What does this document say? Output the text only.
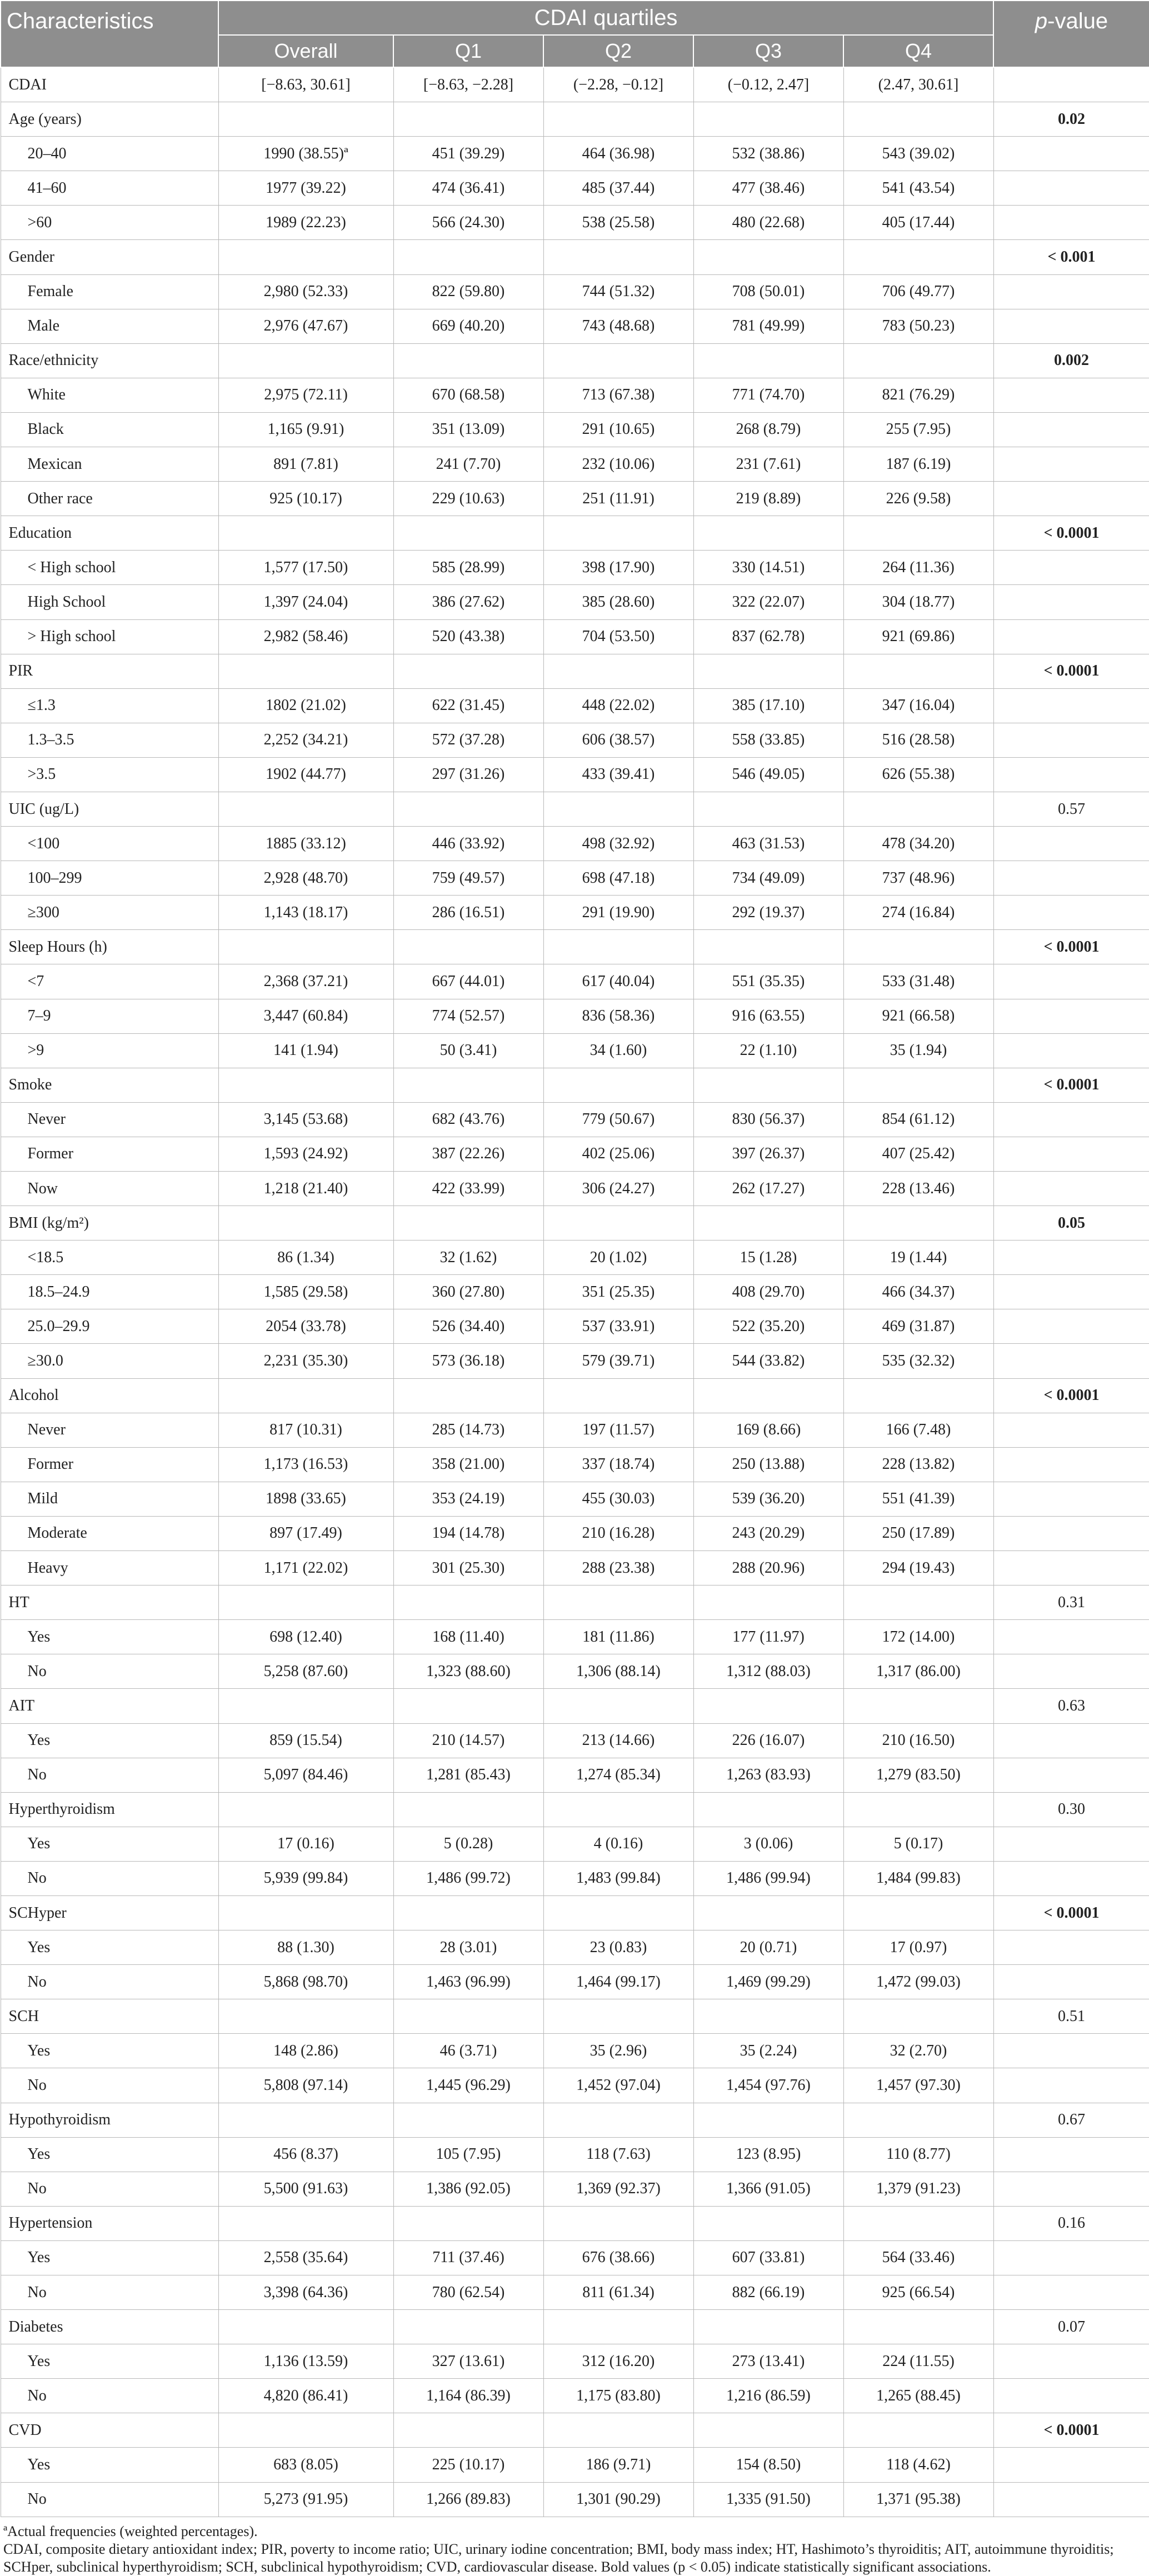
Characteristics	CDAI quartiles					p-value
	Overall	Q1	Q2	Q3	Q4	
CDAI	[−8.63, 30.61]	[−8.63, −2.28]	(−2.28, −0.12]	(−0.12, 2.47]	(2.47, 30.61]	
Age (years)						0.02
20–40	1990 (38.55)ª	451 (39.29)	464 (36.98)	532 (38.86)	543 (39.02)	
41–60	1977 (39.22)	474 (36.41)	485 (37.44)	477 (38.46)	541 (43.54)	
>60	1989 (22.23)	566 (24.30)	538 (25.58)	480 (22.68)	405 (17.44)	
Gender						< 0.001
Female	2,980 (52.33)	822 (59.80)	744 (51.32)	708 (50.01)	706 (49.77)	
Male	2,976 (47.67)	669 (40.20)	743 (48.68)	781 (49.99)	783 (50.23)	
Race/ethnicity						0.002
White	2,975 (72.11)	670 (68.58)	713 (67.38)	771 (74.70)	821 (76.29)	
Black	1,165 (9.91)	351 (13.09)	291 (10.65)	268 (8.79)	255 (7.95)	
Mexican	891 (7.81)	241 (7.70)	232 (10.06)	231 (7.61)	187 (6.19)	
Other race	925 (10.17)	229 (10.63)	251 (11.91)	219 (8.89)	226 (9.58)	
Education						< 0.0001
< High school	1,577 (17.50)	585 (28.99)	398 (17.90)	330 (14.51)	264 (11.36)	
High School	1,397 (24.04)	386 (27.62)	385 (28.60)	322 (22.07)	304 (18.77)	
> High school	2,982 (58.46)	520 (43.38)	704 (53.50)	837 (62.78)	921 (69.86)	
PIR						< 0.0001
≤1.3	1802 (21.02)	622 (31.45)	448 (22.02)	385 (17.10)	347 (16.04)	
1.3–3.5	2,252 (34.21)	572 (37.28)	606 (38.57)	558 (33.85)	516 (28.58)	
>3.5	1902 (44.77)	297 (31.26)	433 (39.41)	546 (49.05)	626 (55.38)	
UIC (ug/L)						0.57
<100	1885 (33.12)	446 (33.92)	498 (32.92)	463 (31.53)	478 (34.20)	
100–299	2,928 (48.70)	759 (49.57)	698 (47.18)	734 (49.09)	737 (48.96)	
≥300	1,143 (18.17)	286 (16.51)	291 (19.90)	292 (19.37)	274 (16.84)	
Sleep Hours (h)						< 0.0001
<7	2,368 (37.21)	667 (44.01)	617 (40.04)	551 (35.35)	533 (31.48)	
7–9	3,447 (60.84)	774 (52.57)	836 (58.36)	916 (63.55)	921 (66.58)	
>9	141 (1.94)	50 (3.41)	34 (1.60)	22 (1.10)	35 (1.94)	
Smoke						< 0.0001
Never	3,145 (53.68)	682 (43.76)	779 (50.67)	830 (56.37)	854 (61.12)	
Former	1,593 (24.92)	387 (22.26)	402 (25.06)	397 (26.37)	407 (25.42)	
Now	1,218 (21.40)	422 (33.99)	306 (24.27)	262 (17.27)	228 (13.46)	
BMI (kg/m²)						0.05
<18.5	86 (1.34)	32 (1.62)	20 (1.02)	15 (1.28)	19 (1.44)	
18.5–24.9	1,585 (29.58)	360 (27.80)	351 (25.35)	408 (29.70)	466 (34.37)	
25.0–29.9	2054 (33.78)	526 (34.40)	537 (33.91)	522 (35.20)	469 (31.87)	
≥30.0	2,231 (35.30)	573 (36.18)	579 (39.71)	544 (33.82)	535 (32.32)	
Alcohol						< 0.0001
Never	817 (10.31)	285 (14.73)	197 (11.57)	169 (8.66)	166 (7.48)	
Former	1,173 (16.53)	358 (21.00)	337 (18.74)	250 (13.88)	228 (13.82)	
Mild	1898 (33.65)	353 (24.19)	455 (30.03)	539 (36.20)	551 (41.39)	
Moderate	897 (17.49)	194 (14.78)	210 (16.28)	243 (20.29)	250 (17.89)	
Heavy	1,171 (22.02)	301 (25.30)	288 (23.38)	288 (20.96)	294 (19.43)	
HT						0.31
Yes	698 (12.40)	168 (11.40)	181 (11.86)	177 (11.97)	172 (14.00)	
No	5,258 (87.60)	1,323 (88.60)	1,306 (88.14)	1,312 (88.03)	1,317 (86.00)	
AIT						0.63
Yes	859 (15.54)	210 (14.57)	213 (14.66)	226 (16.07)	210 (16.50)	
No	5,097 (84.46)	1,281 (85.43)	1,274 (85.34)	1,263 (83.93)	1,279 (83.50)	
Hyperthyroidism						0.30
Yes	17 (0.16)	5 (0.28)	4 (0.16)	3 (0.06)	5 (0.17)	
No	5,939 (99.84)	1,486 (99.72)	1,483 (99.84)	1,486 (99.94)	1,484 (99.83)	
SCHyper						< 0.0001
Yes	88 (1.30)	28 (3.01)	23 (0.83)	20 (0.71)	17 (0.97)	
No	5,868 (98.70)	1,463 (96.99)	1,464 (99.17)	1,469 (99.29)	1,472 (99.03)	
SCH						0.51
Yes	148 (2.86)	46 (3.71)	35 (2.96)	35 (2.24)	32 (2.70)	
No	5,808 (97.14)	1,445 (96.29)	1,452 (97.04)	1,454 (97.76)	1,457 (97.30)	
Hypothyroidism						0.67
Yes	456 (8.37)	105 (7.95)	118 (7.63)	123 (8.95)	110 (8.77)	
No	5,500 (91.63)	1,386 (92.05)	1,369 (92.37)	1,366 (91.05)	1,379 (91.23)	
Hypertension						0.16
Yes	2,558 (35.64)	711 (37.46)	676 (38.66)	607 (33.81)	564 (33.46)	
No	3,398 (64.36)	780 (62.54)	811 (61.34)	882 (66.19)	925 (66.54)	
Diabetes						0.07
Yes	1,136 (13.59)	327 (13.61)	312 (16.20)	273 (13.41)	224 (11.55)	
No	4,820 (86.41)	1,164 (86.39)	1,175 (83.80)	1,216 (86.59)	1,265 (88.45)	
CVD						< 0.0001
Yes	683 (8.05)	225 (10.17)	186 (9.71)	154 (8.50)	118 (4.62)	
No	5,273 (91.95)	1,266 (89.83)	1,301 (90.29)	1,335 (91.50)	1,371 (95.38)	

ªActual frequencies (weighted percentages).

CDAI, composite dietary antioxidant index; PIR, poverty to income ratio; UIC, urinary iodine concentration; BMI, body mass index; HT, Hashimoto’s thyroiditis; AIT, autoimmune thyroiditis;

SCHper, subclinical hyperthyroidism; SCH, subclinical hypothyroidism; CVD, cardiovascular disease. Bold values (p < 0.05) indicate statistically significant associations.
